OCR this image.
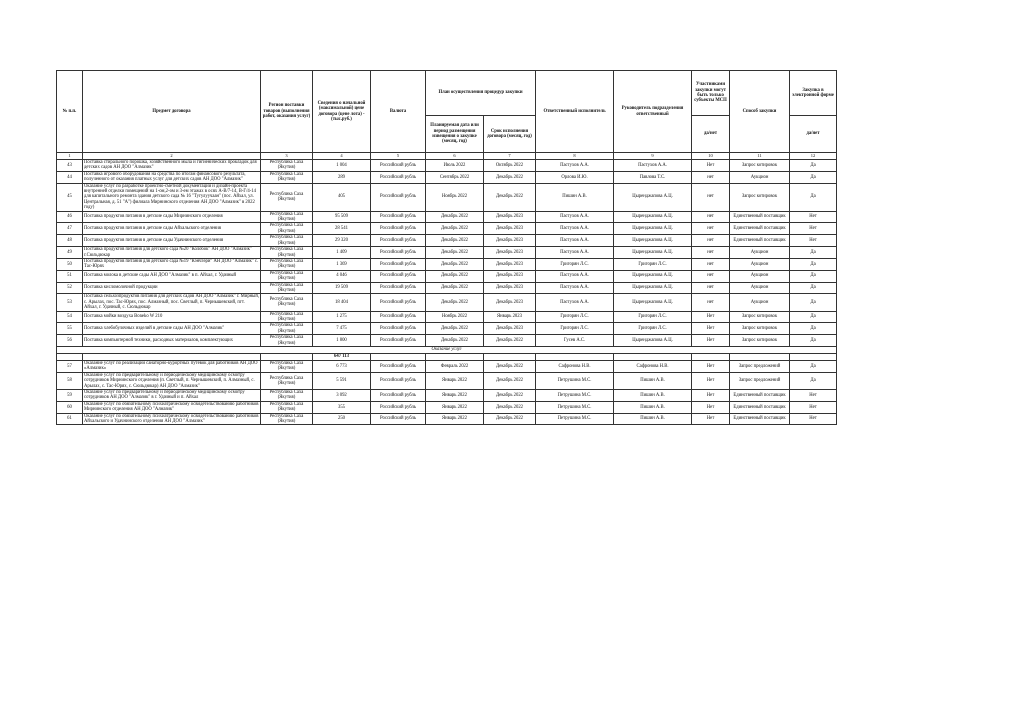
№ п.п.	Предмет договора	Регион поставки товаров (выполнения работ, оказания услуг)	Сведения о начальной (максимальной) цене договора (цене лота) - (тыс.руб.)	Валюта	План осуществления процедур закупки		Ответственный исполнитель	Руководитель подразделения ответственный	Участниками закупки могут быть только субъекты МСП	Способ закупки	Закупка в электронной форме
					Планируемая дата или период размещения извещения о закупке (месяц, год)	Срок исполнения договора (месяц, год)			да/нет		да/нет
1	2	3	4	5	6	7	8	9	10	11	12
43	Поставка стирального порошка, хозяйственного мыла и гигиенических прокладок для детских садов АН ДОО "Алмазик"	Республика Саха (Якутия)	1 004	Российский рубль	Июль 2022	Октябрь 2022	Пастухов А.А.	Пастухов А.А.	Нет	Запрос котировок	Да
44	Поставка игрового оборудования на средства по итогам финансового результата, полученного от оказания платных услуг для детских садов АН ДОО "Алмазик"	Республика Саха (Якутия)	289	Российский рубль	Сентябрь 2022	Декабрь 2022	Орлова И.Ю.	Павлова Т.С.	нет	Аукцион	Да
45	Оказание услуг по разработке проектно-сметной документации и дизайн-проекта внутренней отделки помещений на 1-ом,2-ом и 3-ем этажах в осях А-В/7-14, В-Г/4-14 для капитального ремонта здания детского сада № 16 "Тугулуучаан" (пос. Айхал, ул. Центральная, д. 51 "А") филиала Мирнинского отделения АН ДОО "Алмазик" в 2022 году)	Республика Саха (Якутия)	405	Российский рубль	Ноябрь 2022	Декабрь 2022	Пишин А.В.	Цыренджапова А.Ц.	нет	Запрос котировок	Да
46	Поставка продуктов питания в детские сады Мирнинского отделения	Республика Саха (Якутия)	95 509	Российский рубль	Декабрь 2022	Декабрь 2023	Пастухов А.А.	Цыренджапова А.Ц.	нет	Единственный поставщик	Нет
47	Поставка продуктов питания в детские сады Айхальского отделения	Республика Саха (Якутия)	28 541	Российский рубль	Декабрь 2022	Декабрь 2023	Пастухов А.А.	Цыренджапова А.Ц.	нет	Единственный поставщик	Нет
48	Поставка продуктов питания в детские сады Удачнинского отделения	Республика Саха (Якутия)	29 320	Российский рубль	Декабрь 2022	Декабрь 2023	Пастухов А.А.	Цыренджапова А.Ц.	нет	Единственный поставщик	Нет
49	Поставка продуктов питания для детского сада №20 "Колобок" АН ДОО "Алмазик" г.Сюльдюкар	Республика Саха (Якутия)	1 409	Российский рубль	Декабрь 2022	Декабрь 2023	Пастухов А.А.	Цыренджапова А.Ц.	нет	Аукцион	Да
50	Поставка продуктов питания для детского сада №19 "Кэнчээри" АН ДОО "Алмазик" с. Тас-Юрях	Республика Саха (Якутия)	1 369	Российский рубль	Декабрь 2022	Декабрь 2023	Григорян Л.С.	Григорян Л.С.	нет	Аукцион	Да
51	Поставка молока в детские сады АН ДОО "Алмазик" в п. Айхал, г. Удачный	Республика Саха (Якутия)	4 046	Российский рубль	Декабрь 2022	Декабрь 2023	Пастухов А.А.	Цыренджапова А.Ц.	нет	Аукцион	Да
52	Поставка кисломолочной продукции	Республика Саха (Якутия)	19 509	Российский рубль	Декабрь 2022	Декабрь 2023	Пастухов А.А.	Цыренджапова А.Ц.	нет	Аукцион	Да
53	Поставка сельхозпродуктов питания для детских садов АН ДОО "Алмазик" г. Мирный, с. Арылах, пос. Тас-Юрях, пос. Алмазный, пос. Светлый, п. Чернышевский, пгт. Айхал, г. Удачный, с. Сюльдюкар	Республика Саха (Якутия)	18 404	Российский рубль	Декабрь 2022	Декабрь 2023	Пастухов А.А.	Цыренджапова А.Ц.	нет	Аукцион	Да
54	Поставка мойки воздуха Boneko W 210	Республика Саха (Якутия)	1 275	Российский рубль	Ноябрь 2022	Январь 2023	Григорян Л.С.	Григорян Л.С.	Нет	Запрос котировок	Да
55	Поставка хлебобулочных изделий в детские сады АН ДОО "Алмазик"	Республика Саха (Якутия)	7 475	Российский рубль	Декабрь 2022	Декабрь 2023	Григорян Л.С.	Григорян Л.С.	Нет	Запрос котировок	Да
56	Поставка компьютерной техники, расходных материалов, комплектующих	Республика Саха (Якутия)	1 800	Российский рубль	Декабрь 2022	Декабрь 2022	Гусев А.С.	Цыренджапова А.Ц.	Нет	Запрос котировок	Да
Оказание услуг											
			647 113								
57	Оказание услуг по реализации санаторно-курортных путевок для работников АН ДОО «Алмазик»	Республика Саха (Якутия)	6 773	Российский рубль	Февраль 2022	Декабрь 2022	Сафронова Н.В.	Сафронова Н.В.	Нет	Запрос предложений	Да
58	Оказание услуг по предварительному и периодическому медицинскому осмотру сотрудников Мирнинского отделения (п. Светлый, п. Чернышевский, п. Алмазный, с. Арылах, с. Тас-Юрях, с. Сюльдюкар) АН ДОО "Алмазик"	Республика Саха (Якутия)	5 591	Российский рубль	Январь 2022	Декабрь 2022	Петрушина М.С.	Пишин А.В.	Нет	Запрос предложений	Да
59	Оказание услуг по предварительному и периодическому медицинскому осмотру сотрудников АН ДОО "Алмазик" в г. Удачный и п. Айхал	Республика Саха (Якутия)	3 092	Российский рубль	Январь 2022	Декабрь 2022	Петрушина М.С.	Пишин А.В.	Нет	Единственный поставщик	Нет
60	Оказание услуг по обязательному психиатрическому освидетельствованию работников Мирнинского отделения АН ДОО "Алмазик"	Республика Саха (Якутия)	355	Российский рубль	Январь 2022	Декабрь 2022	Петрушина М.С.	Пишин А.В.	Нет	Единственный поставщик	Нет
61	Оказание услуг по обязательному психиатрическому освидетельствованию работников Айхальского и Удачнинского отделения АН ДОО "Алмазик"	Республика Саха (Якутия)	250	Российский рубль	Январь 2022	Декабрь 2022	Петрушина М.С.	Пишин А.В.	Нет	Единственный поставщик	Нет
